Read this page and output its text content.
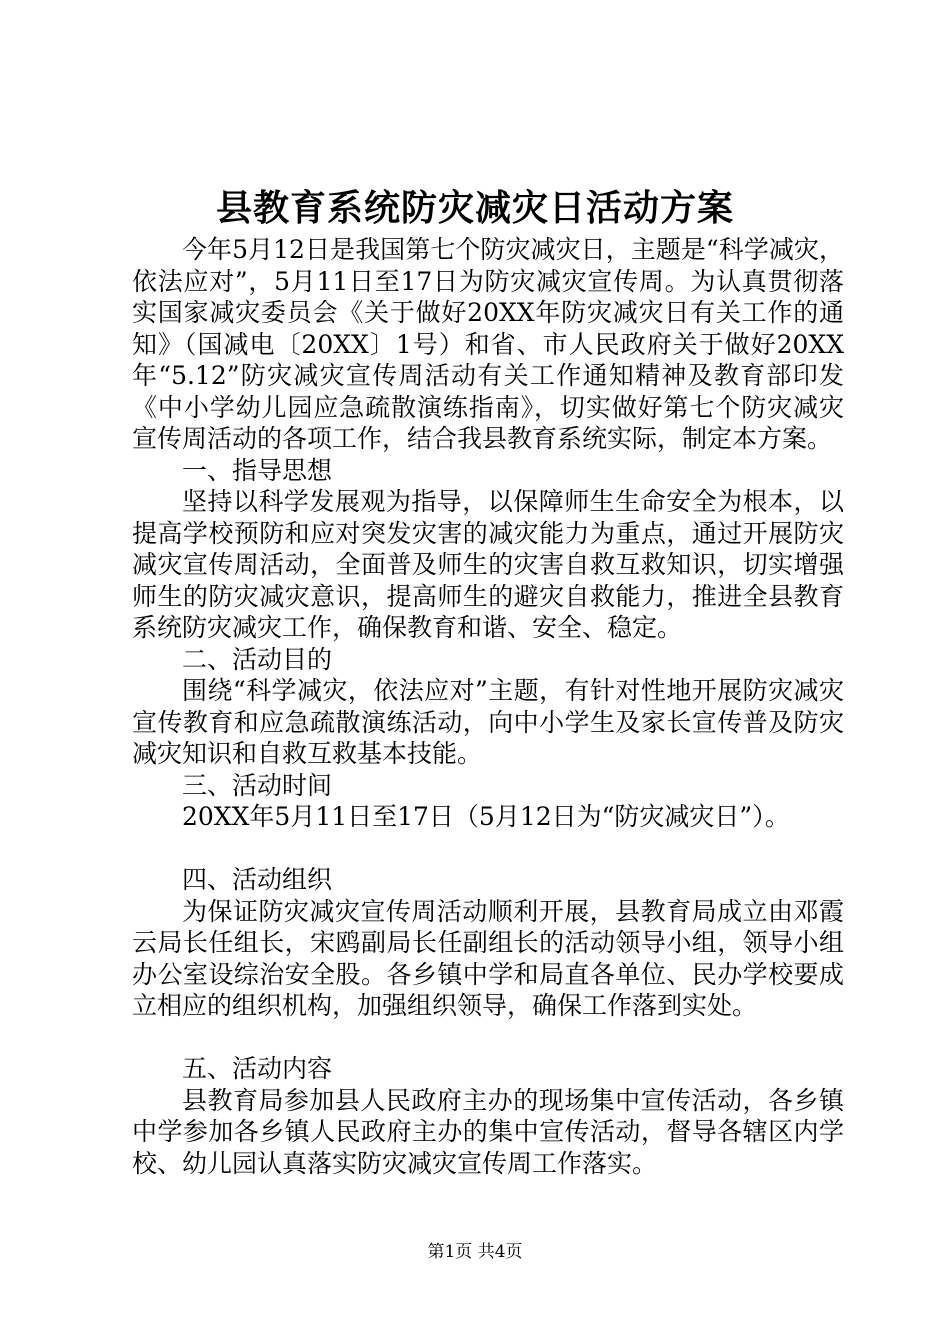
县教育系统防灾减灾日活动方案

今年5月12日是我国第七个防灾减灾日，主题是“科学减灾，依法应对”，5月11日至17日为防灾减灾宣传周。为认真贯彻落实国家减灾委员会《关于做好20XX年防灾减灾日有关工作的通知》（国减电〔20XX〕1号）和省、市人民政府关于做好20XX年“5.12”防灾减灾宣传周活动有关工作通知精神及教育部印发《中小学幼儿园应急疏散演练指南》，切实做好第七个防灾减灾宣传周活动的各项工作，结合我县教育系统实际，制定本方案。

一、指导思想

坚持以科学发展观为指导，以保障师生生命安全为根本，以提高学校预防和应对突发灾害的减灾能力为重点，通过开展防灾减灾宣传周活动，全面普及师生的灾害自救互救知识，切实增强师生的防灾减灾意识，提高师生的避灾自救能力，推进全县教育系统防灾减灾工作，确保教育和谐、安全、稳定。

二、活动目的

围绕“科学减灾，依法应对”主题，有针对性地开展防灾减灾宣传教育和应急疏散演练活动，向中小学生及家长宣传普及防灾减灾知识和自救互救基本技能。

三、活动时间

20XX年5月11日至17日（5月12日为“防灾减灾日”）。

四、活动组织

为保证防灾减灾宣传周活动顺利开展，县教育局成立由邓霞云局长任组长，宋鸥副局长任副组长的活动领导小组，领导小组办公室设综治安全股。各乡镇中学和局直各单位、民办学校要成立相应的组织机构，加强组织领导，确保工作落到实处。

五、活动内容

县教育局参加县人民政府主办的现场集中宣传活动，各乡镇中学参加各乡镇人民政府主办的集中宣传活动，督导各辖区内学校、幼儿园认真落实防灾减灾宣传周工作落实。

第1页 共4页
